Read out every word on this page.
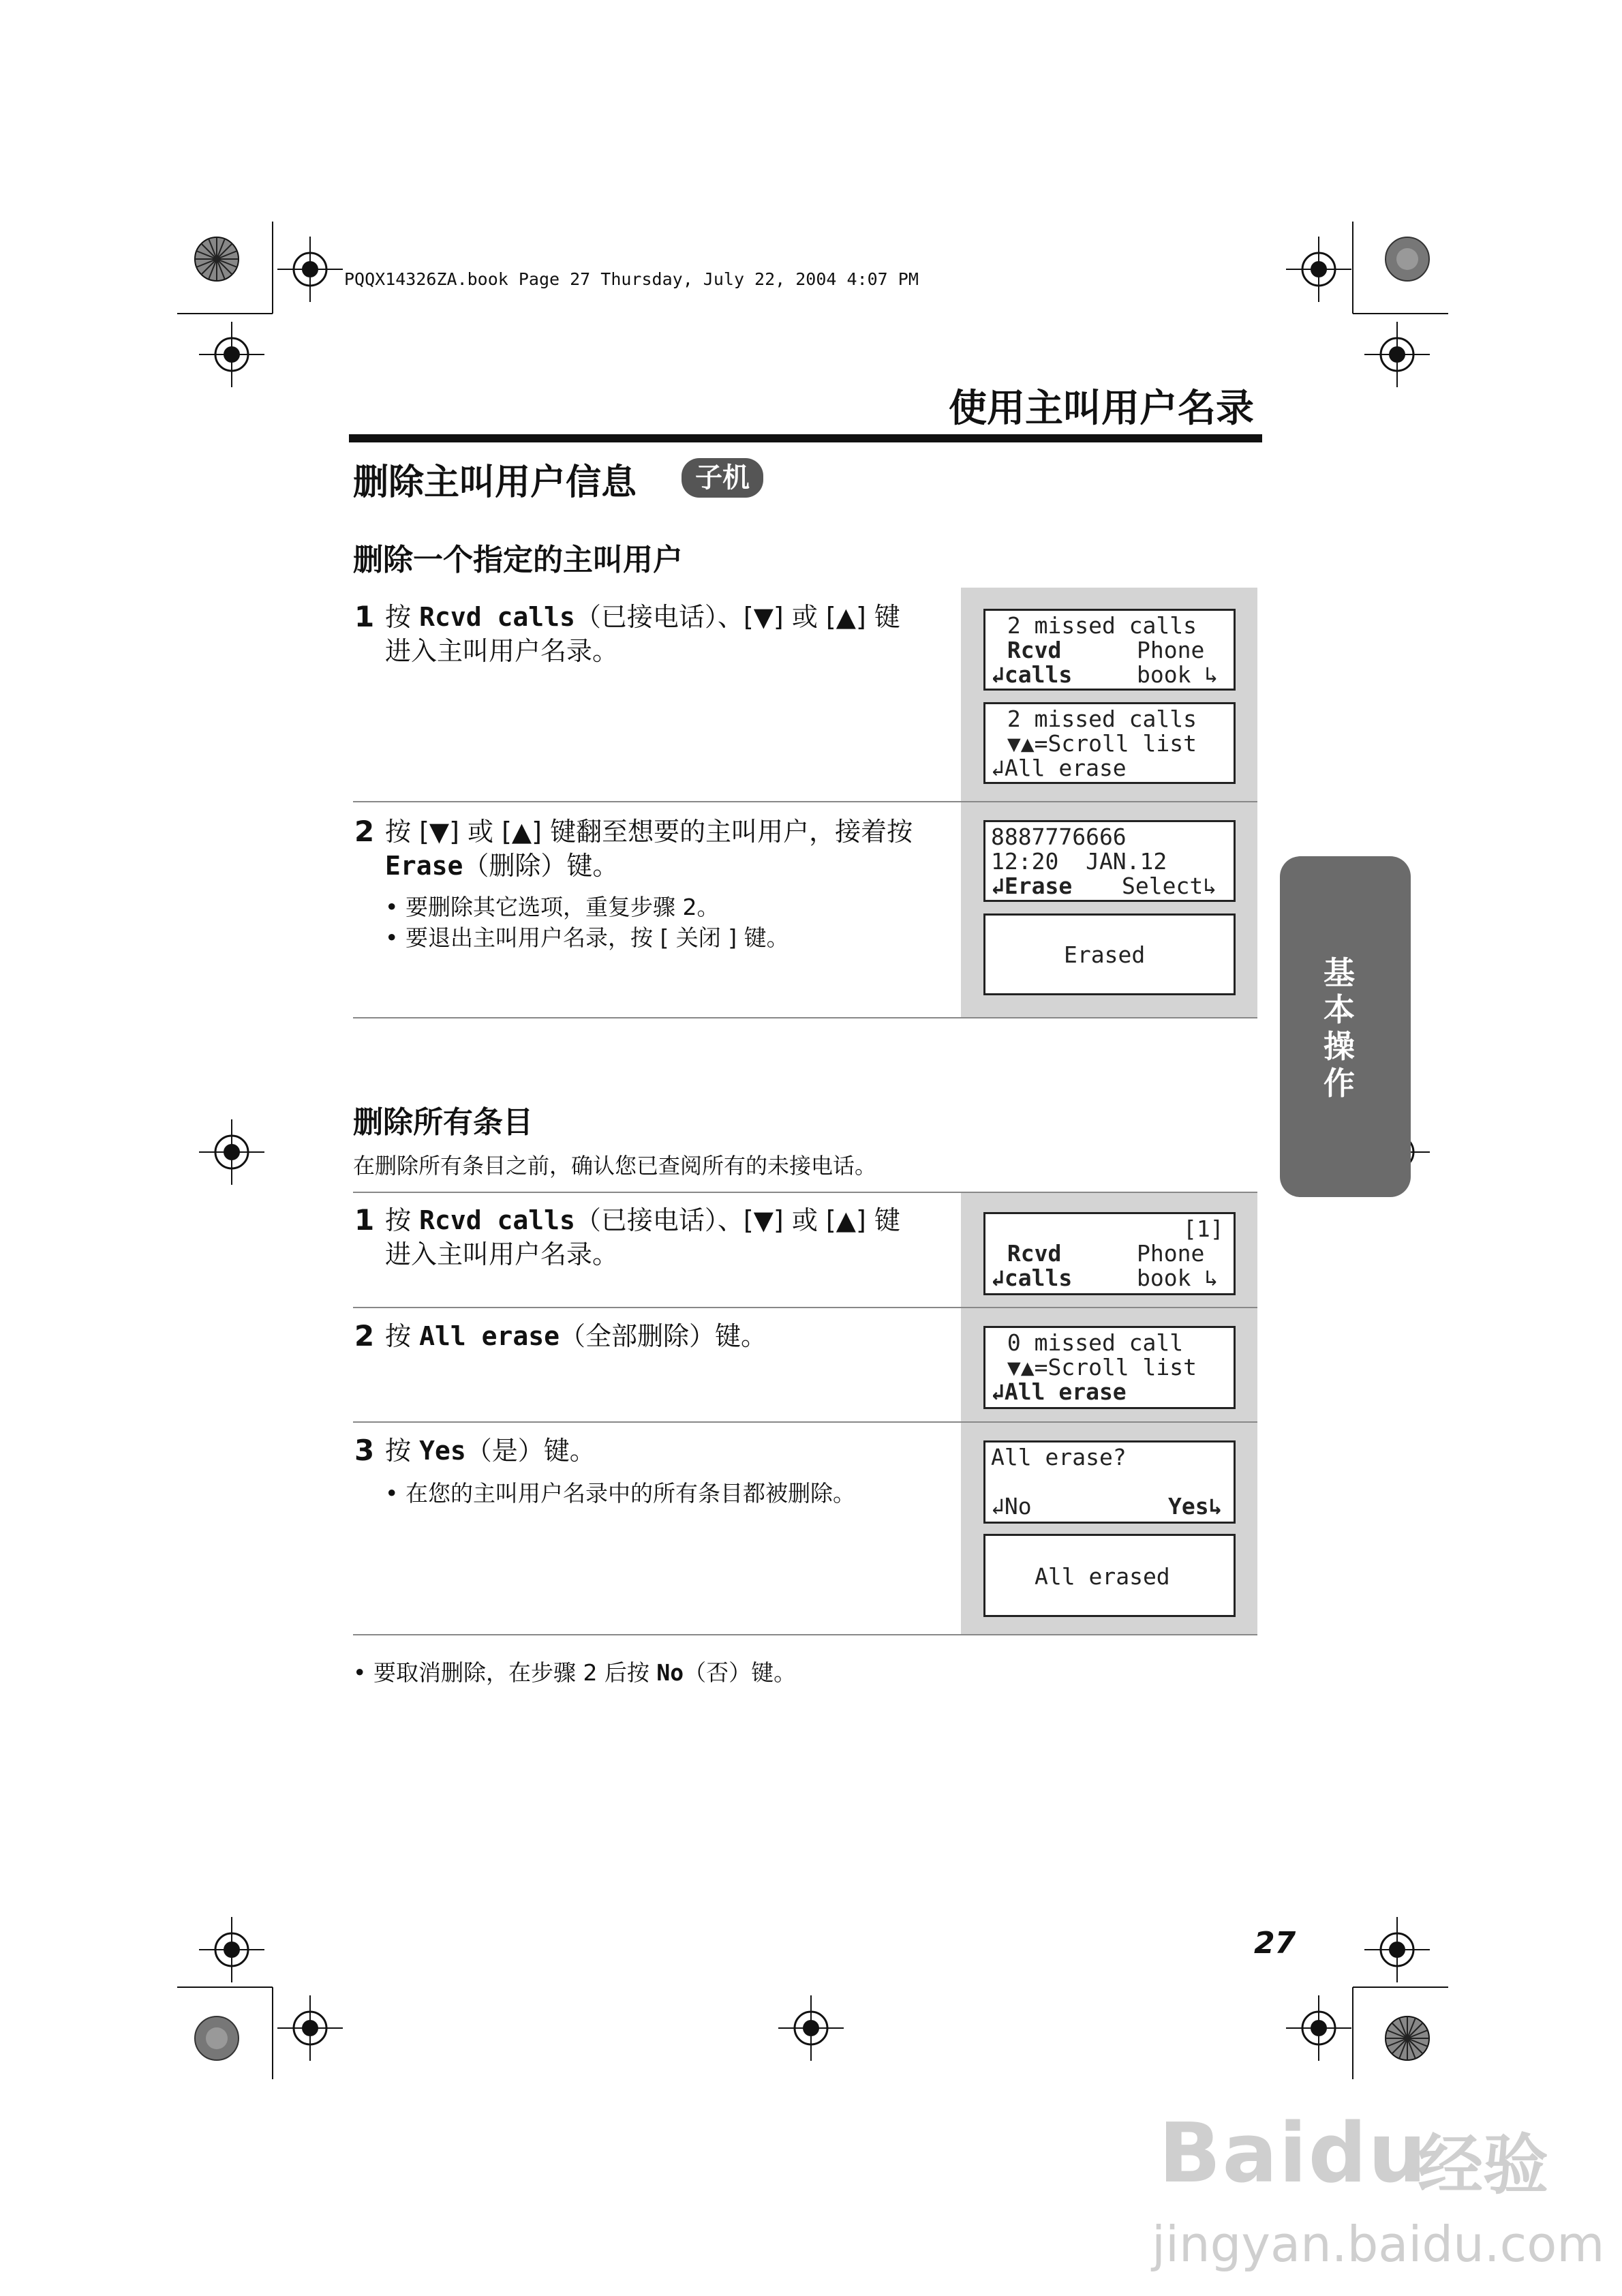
PQQX14326ZA.book Page 27 Thursday, July 22, 2004 4:07 PM
使用主叫用户名录
删除主叫用户信息	子机
删除一个指定的主叫用户
1 按 Rcvd calls（已接电话）、[▼] 或 [▲] 键
进入主叫用户名录。
2 missed calls
Rcvd	Phone
↲calls	book ↳
2 missed calls
▼▲=Scroll list
↲All erase
2 按 [▼] 或 [▲] 键翻至想要的主叫用户，接着按
Erase（删除）键。
• 要删除其它选项，重复步骤 2。
• 要退出主叫用户名录，按 [ 关闭 ] 键。
8887776666
12:20  JAN.12
↲Erase Select↳
Erased
删除所有条目
在删除所有条目之前，确认您已查阅所有的未接电话。
1 按 Rcvd calls（已接电话）、[▼] 或 [▲] 键
进入主叫用户名录。
[1]
Rcvd	Phone
↲calls	book ↳
2 按 All erase（全部删除）键。	0 missed call
▼▲=Scroll list
↲All erase
3 按 Yes（是）键。
• 在您的主叫用户名录中的所有条目都被删除。
All erase?
↲No	Yes↳
All erased
• 要取消删除，在步骤 2 后按 No（否）键。
基
本
操
作
27
Baidu
经验
jingyan.baidu.com
